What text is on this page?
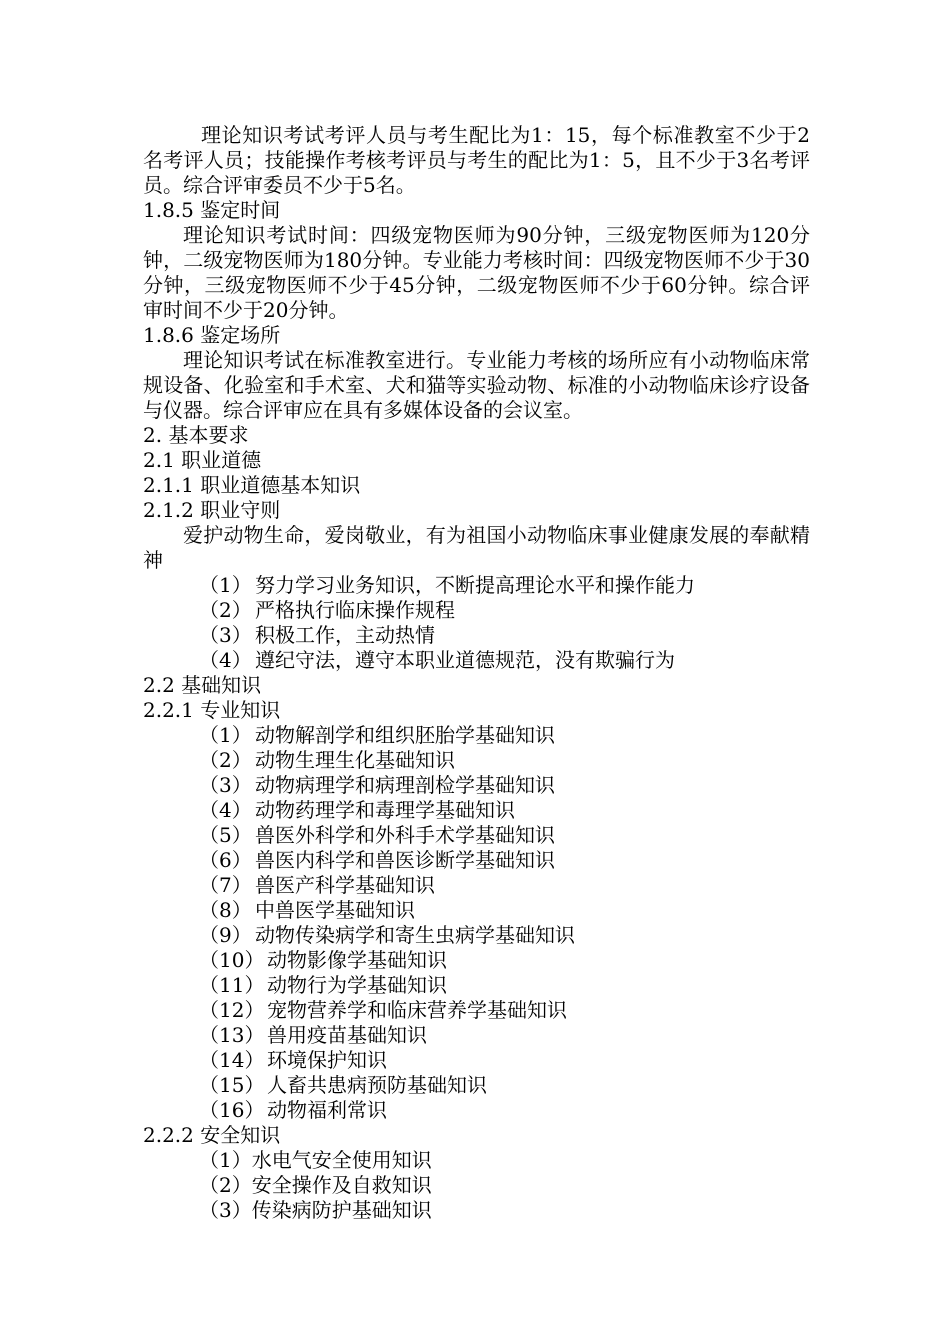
理论知识考试考评人员与考生配比为1：15，每个标准教室不少于2名考评人员；技能操作考核考评员与考生的配比为1：5，且不少于3名考评员。综合评审委员不少于5名。

1.8.5 鉴定时间

理论知识考试时间：四级宠物医师为90分钟，三级宠物医师为120分钟，二级宠物医师为180分钟。专业能力考核时间：四级宠物医师不少于30分钟，三级宠物医师不少于45分钟，二级宠物医师不少于60分钟。综合评审时间不少于20分钟。

1.8.6 鉴定场所

理论知识考试在标准教室进行。专业能力考核的场所应有小动物临床常规设备、化验室和手术室、犬和猫等实验动物、标准的小动物临床诊疗设备与仪器。综合评审应在具有多媒体设备的会议室。

2. 基本要求

2.1 职业道德

2.1.1 职业道德基本知识

2.1.2 职业守则

爱护动物生命，爱岗敬业，有为祖国小动物临床事业健康发展的奉献精神

（1） 努力学习业务知识，不断提高理论水平和操作能力

（2） 严格执行临床操作规程

（3） 积极工作，主动热情

（4） 遵纪守法，遵守本职业道德规范，没有欺骗行为

2.2 基础知识

2.2.1 专业知识

（1） 动物解剖学和组织胚胎学基础知识

（2） 动物生理生化基础知识

（3） 动物病理学和病理剖检学基础知识

（4） 动物药理学和毒理学基础知识

（5） 兽医外科学和外科手术学基础知识

（6） 兽医内科学和兽医诊断学基础知识

（7） 兽医产科学基础知识

（8） 中兽医学基础知识

（9） 动物传染病学和寄生虫病学基础知识

（10） 动物影像学基础知识

（11） 动物行为学基础知识

（12） 宠物营养学和临床营养学基础知识

（13） 兽用疫苗基础知识

（14） 环境保护知识

（15） 人畜共患病预防基础知识

（16） 动物福利常识

2.2.2 安全知识

（1）水电气安全使用知识

（2）安全操作及自救知识

（3）传染病防护基础知识
